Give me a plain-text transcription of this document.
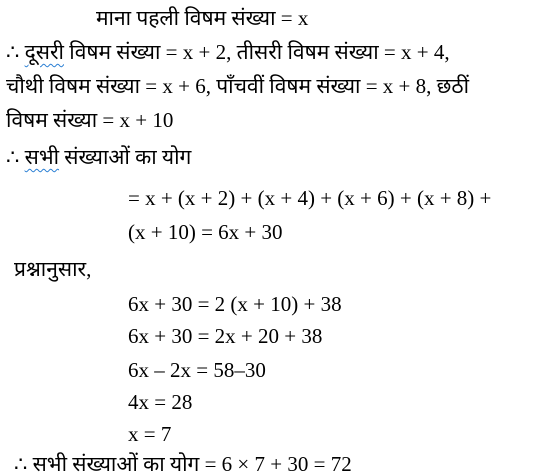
माना पहली विषम संख्या = x
∴ दूसरी विषम संख्या = x + 2, तीसरी विषम संख्या = x + 4,
चौथी विषम संख्या = x + 6, पाँचवीं विषम संख्या = x + 8, छठीं
विषम संख्या = x + 10
∴ सभी संख्याओं का योग
= x + (x + 2) + (x + 4) + (x + 6) + (x + 8) +
(x + 10) = 6x + 30
प्रश्नानुसार,
6x + 30 = 2 (x + 10) + 38
6x + 30 = 2x + 20 + 38
6x – 2x = 58–30
4x = 28
x = 7
∴ सभी संख्याओं का योग = 6 × 7 + 30 = 72
